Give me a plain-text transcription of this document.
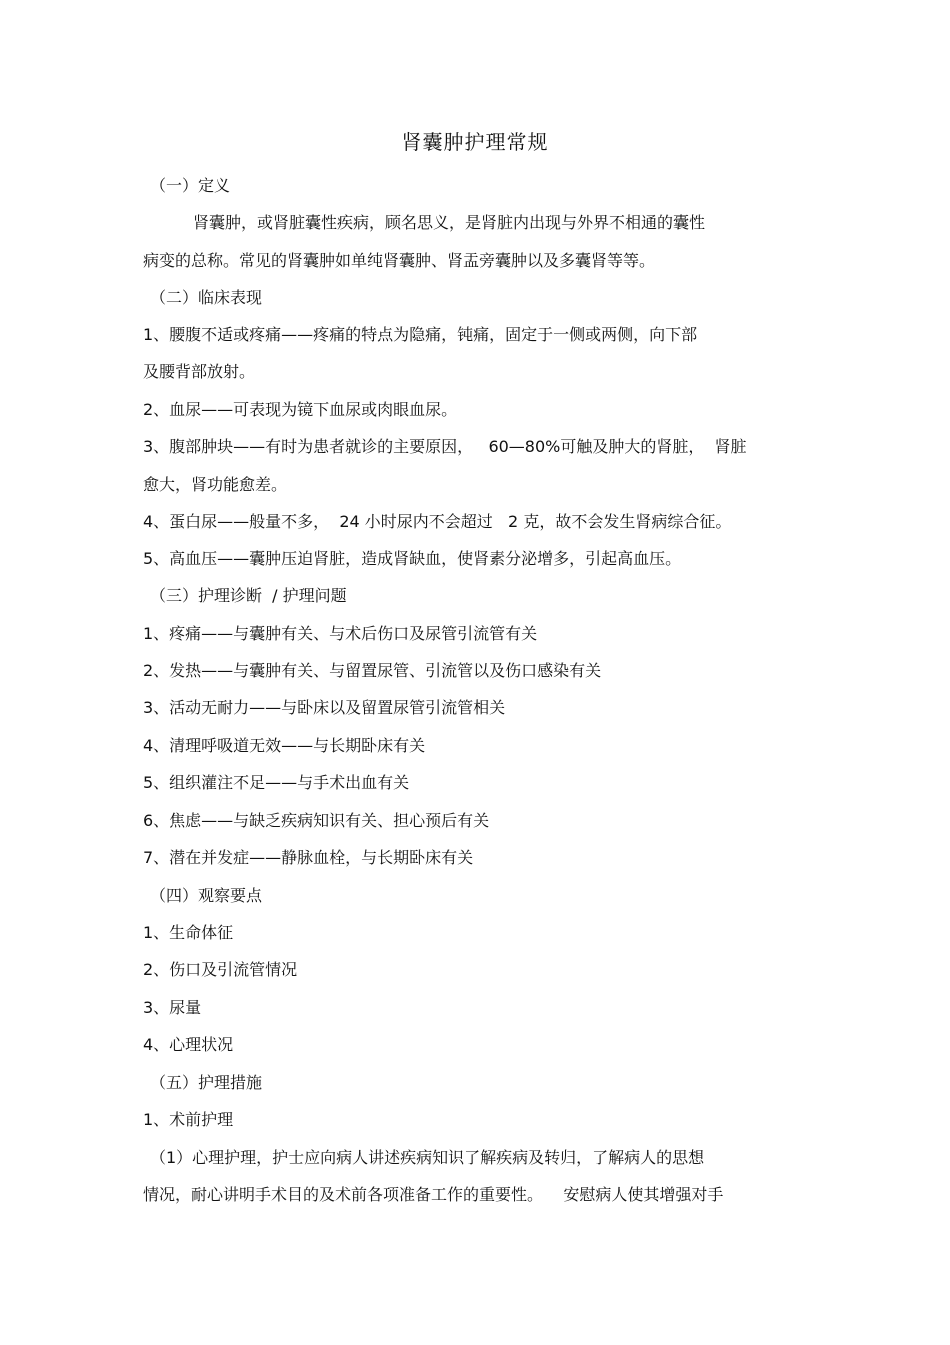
肾囊肿护理常规
（一）定义
肾囊肿，或肾脏囊性疾病，顾名思义，是肾脏内出现与外界不相通的囊性
病变的总称。常见的肾囊肿如单纯肾囊肿、肾盂旁囊肿以及多囊肾等等。
（二）临床表现
1、腰腹不适或疼痛——疼痛的特点为隐痛，钝痛，固定于一侧或两侧，向下部
及腰背部放射。
2、血尿——可表现为镜下血尿或肉眼血尿。
3、腹部肿块——有时为患者就诊的主要原因，   60—80%可触及肿大的肾脏，  肾脏
愈大，肾功能愈差。
4、蛋白尿——般量不多，  24 小时尿内不会超过   2 克，故不会发生肾病综合征。
5、高血压——囊肿压迫肾脏，造成肾缺血，使肾素分泌增多，引起高血压。
（三）护理诊断  / 护理问题
1、疼痛——与囊肿有关、与术后伤口及尿管引流管有关
2、发热——与囊肿有关、与留置尿管、引流管以及伤口感染有关
3、活动无耐力——与卧床以及留置尿管引流管相关
4、清理呼吸道无效——与长期卧床有关
5、组织灌注不足——与手术出血有关
6、焦虑——与缺乏疾病知识有关、担心预后有关
7、潜在并发症——静脉血栓，与长期卧床有关
（四）观察要点
1、生命体征
2、伤口及引流管情况
3、尿量
4、心理状况
（五）护理措施
1、术前护理
（1）心理护理，护士应向病人讲述疾病知识了解疾病及转归，了解病人的思想
情况，耐心讲明手术目的及术前各项准备工作的重要性。    安慰病人使其增强对手
